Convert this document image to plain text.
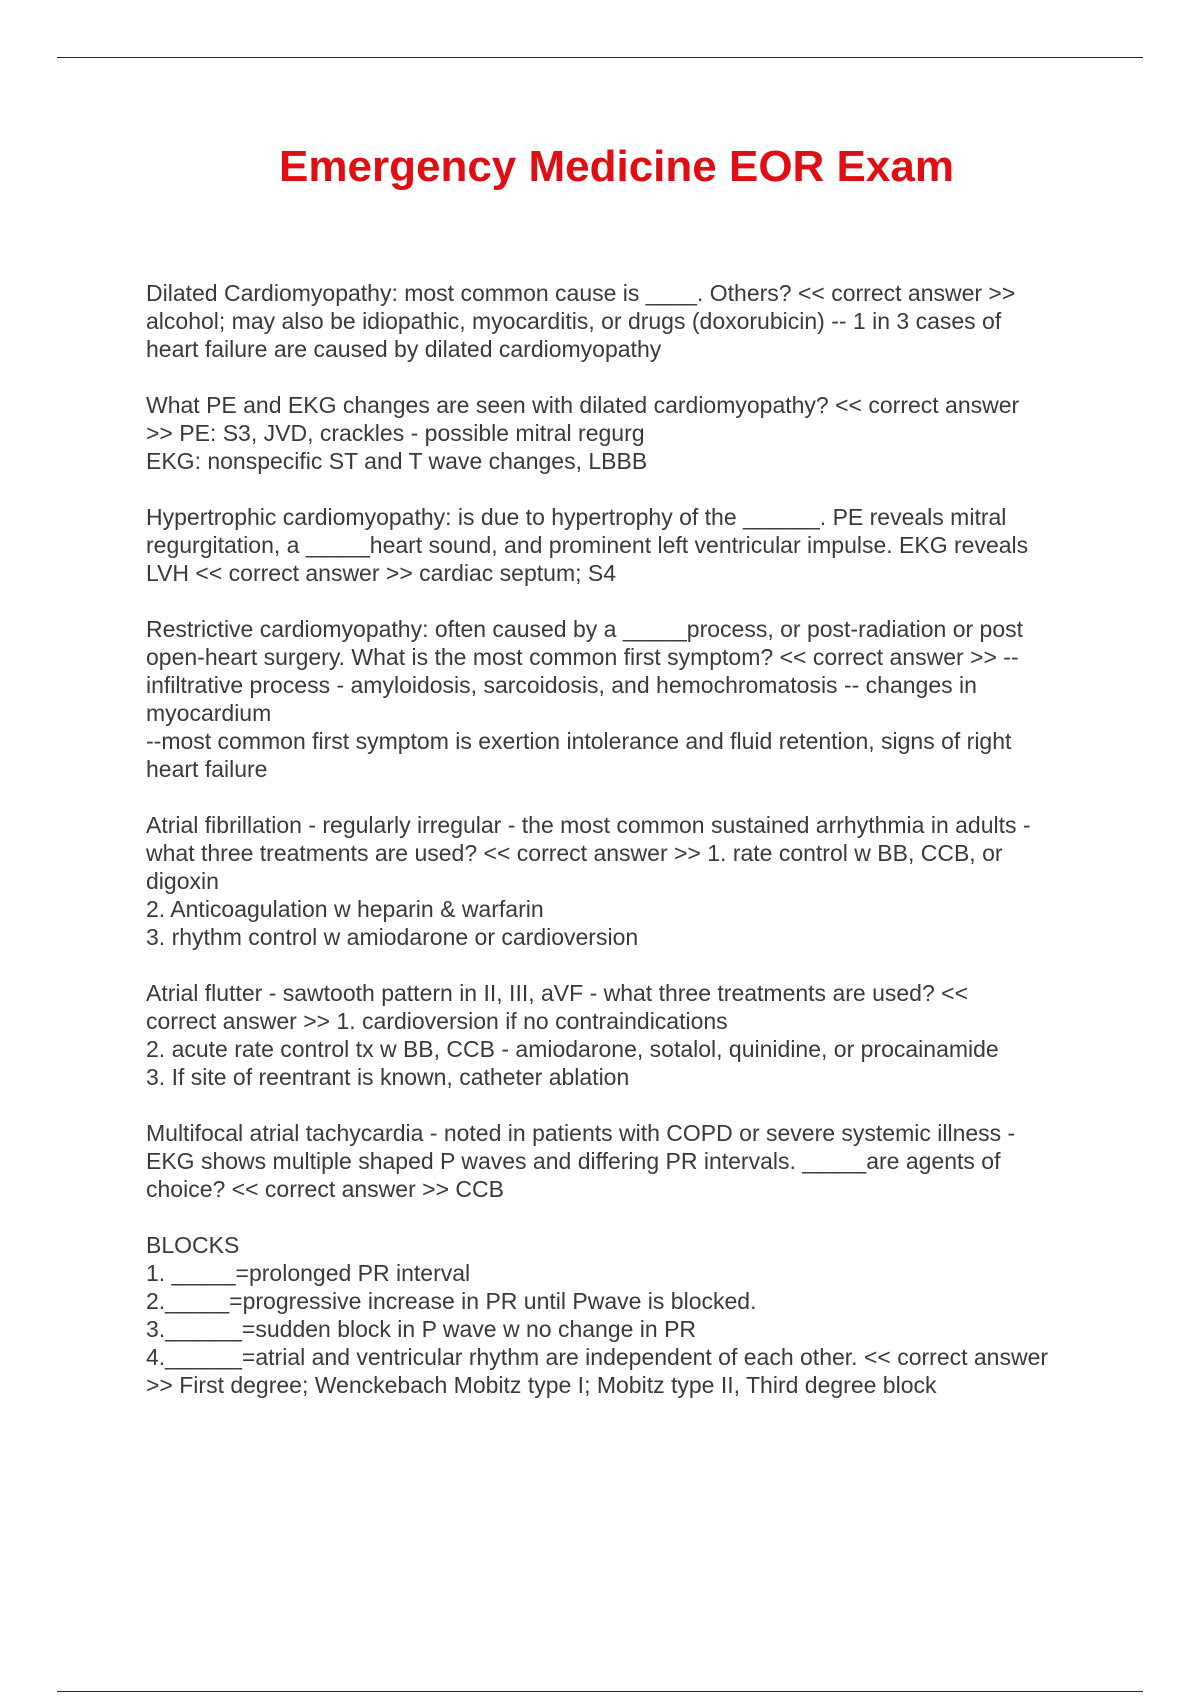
Emergency Medicine EOR Exam
Dilated Cardiomyopathy: most common cause is ____. Others? << correct answer >>
alcohol; may also be idiopathic, myocarditis, or drugs (doxorubicin) -- 1 in 3 cases of
heart failure are caused by dilated cardiomyopathy
What PE and EKG changes are seen with dilated cardiomyopathy? << correct answer
>> PE: S3, JVD, crackles - possible mitral regurg
EKG: nonspecific ST and T wave changes, LBBB
Hypertrophic cardiomyopathy: is due to hypertrophy of the ______. PE reveals mitral
regurgitation, a _____heart sound, and prominent left ventricular impulse. EKG reveals
LVH << correct answer >> cardiac septum; S4
Restrictive cardiomyopathy: often caused by a _____process, or post-radiation or post
open-heart surgery. What is the most common first symptom? << correct answer >> --
infiltrative process - amyloidosis, sarcoidosis, and hemochromatosis -- changes in
myocardium
--most common first symptom is exertion intolerance and fluid retention, signs of right
heart failure
Atrial fibrillation - regularly irregular - the most common sustained arrhythmia in adults -
what three treatments are used? << correct answer >> 1. rate control w BB, CCB, or
digoxin
2. Anticoagulation w heparin & warfarin
3. rhythm control w amiodarone or cardioversion
Atrial flutter - sawtooth pattern in II, III, aVF - what three treatments are used? <<
correct answer >> 1. cardioversion if no contraindications
2. acute rate control tx w BB, CCB - amiodarone, sotalol, quinidine, or procainamide
3. If site of reentrant is known, catheter ablation
Multifocal atrial tachycardia - noted in patients with COPD or severe systemic illness -
EKG shows multiple shaped P waves and differing PR intervals. _____are agents of
choice? << correct answer >> CCB
BLOCKS
1. _____=prolonged PR interval
2._____=progressive increase in PR until Pwave is blocked.
3.______=sudden block in P wave w no change in PR
4.______=atrial and ventricular rhythm are independent of each other. << correct answer
>> First degree; Wenckebach Mobitz type I; Mobitz type II, Third degree block
